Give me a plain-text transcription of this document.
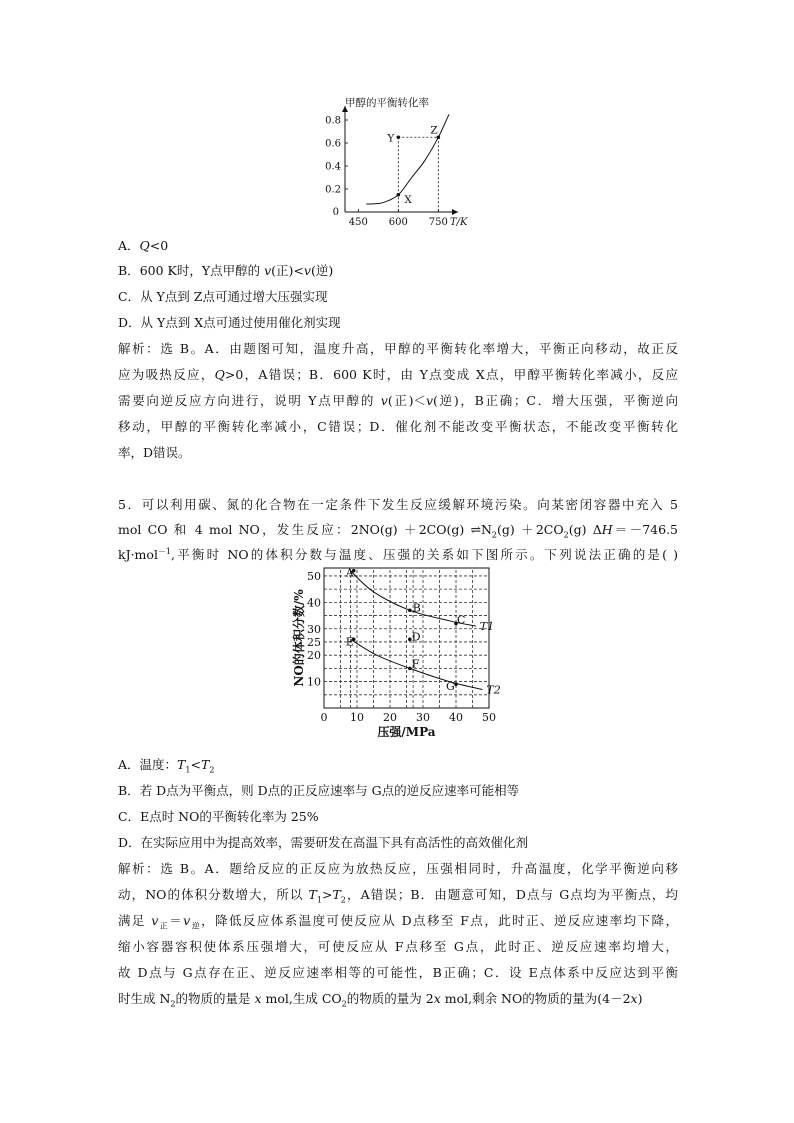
甲醇的平衡转化率
0.2
0.4
0.6
0.8
0
450 600 750 T/K
X
Y
Z
A．Q<0
B．600 K时，Y点甲醇的 v(正)<v(逆)
C．从 Y点到 Z点可通过增大压强实现
D．从 Y点到 X点可通过使用催化剂实现
解析：选 B。A．由题图可知，温度升高，甲醇的平衡转化率增大，平衡正向移动，故正反
应为吸热反应，Q>0，A错误；B．600 K时，由 Y点变成 X点，甲醇平衡转化率减小，反应
需要向逆反应方向进行，说明 Y点甲醇的 v(正)＜v(逆)，B正确；C．增大压强，平衡逆向
移动，甲醇的平衡转化率减小，C错误；D．催化剂不能改变平衡状态，不能改变平衡转化
率，D错误。
5．可以利用碳、氮的化合物在一定条件下发生反应缓解环境污染。向某密闭容器中充入 5
mol CO 和 4 mol NO，发生反应：2NO(g) ＋2CO(g) $\rightleftharpoons N_2(g) +2CO_2(g)$ ΔH＝－746.5
kJ·mol$^{-1}$,平衡时 NO的体积分数与温度、压强的关系如下图所示。下列说法正确的是( )
10
20
25
30
40
50
0 10 20 30 40 50
压强/MPa
NO的体积分数/%	T1
T2
A
B
C
D
E
F
G
A．温度：$T_1<T_2$
B．若 D点为平衡点，则 D点的正反应速率与 G点的逆反应速率可能相等
C．E点时 NO的平衡转化率为 25%
D．在实际应用中为提高效率，需要研发在高温下具有高活性的高效催化剂
解析：选 B。A．题给反应的正反应为放热反应，压强相同时，升高温度，化学平衡逆向移
动，NO的体积分数增大，所以 $T_1>T_2$，A错误；B．由题意可知，D点与 G点均为平衡点，均
满足 $v_正=v_逆$，降低反应体系温度可使反应从 D点移至 F点，此时正、逆反应速率均下降，
缩小容器容积使体系压强增大，可使反应从 F点移至 G点，此时正、逆反应速率均增大，
故 D点与 G点存在正、逆反应速率相等的可能性，B正确；C．设 E点体系中反应达到平衡
时生成 $N_2$的物质的量是 x mol,生成 $CO_2$的物质的量为 2x mol,剩余 NO的物质的量为(4－2x)
